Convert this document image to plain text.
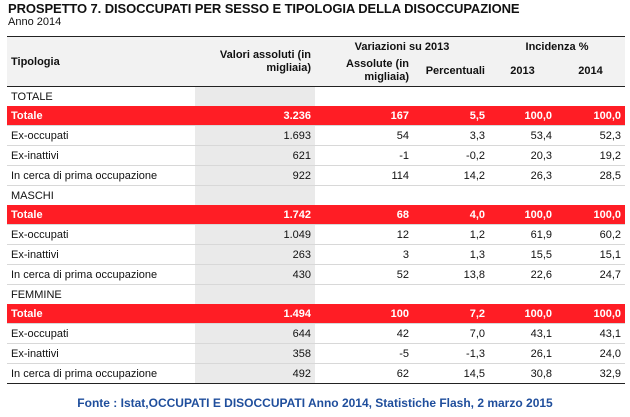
PROSPETTO 7. DISOCCUPATI PER SESSO E TIPOLOGIA DELLA DISOCCUPAZIONE
Anno 2014
Tipologia	Valori assoluti (in migliaia)	Variazioni su 2013		Incidenza %	
		Assolute (in migliaia)	Percentuali	2013	2014
TOTALE					
Totale	3.236	167	5,5	100,0	100,0
Ex-occupati	1.693	54	3,3	53,4	52,3
Ex-inattivi	621	-1	-0,2	20,3	19,2
In cerca di prima occupazione	922	114	14,2	26,3	28,5
MASCHI					
Totale	1.742	68	4,0	100,0	100,0
Ex-occupati	1.049	12	1,2	61,9	60,2
Ex-inattivi	263	3	1,3	15,5	15,1
In cerca di prima occupazione	430	52	13,8	22,6	24,7
FEMMINE					
Totale	1.494	100	7,2	100,0	100,0
Ex-occupati	644	42	7,0	43,1	43,1
Ex-inattivi	358	-5	-1,3	26,1	24,0
In cerca di prima occupazione	492	62	14,5	30,8	32,9
Fonte : Istat,OCCUPATI E DISOCCUPATI Anno 2014, Statistiche Flash, 2 marzo 2015
